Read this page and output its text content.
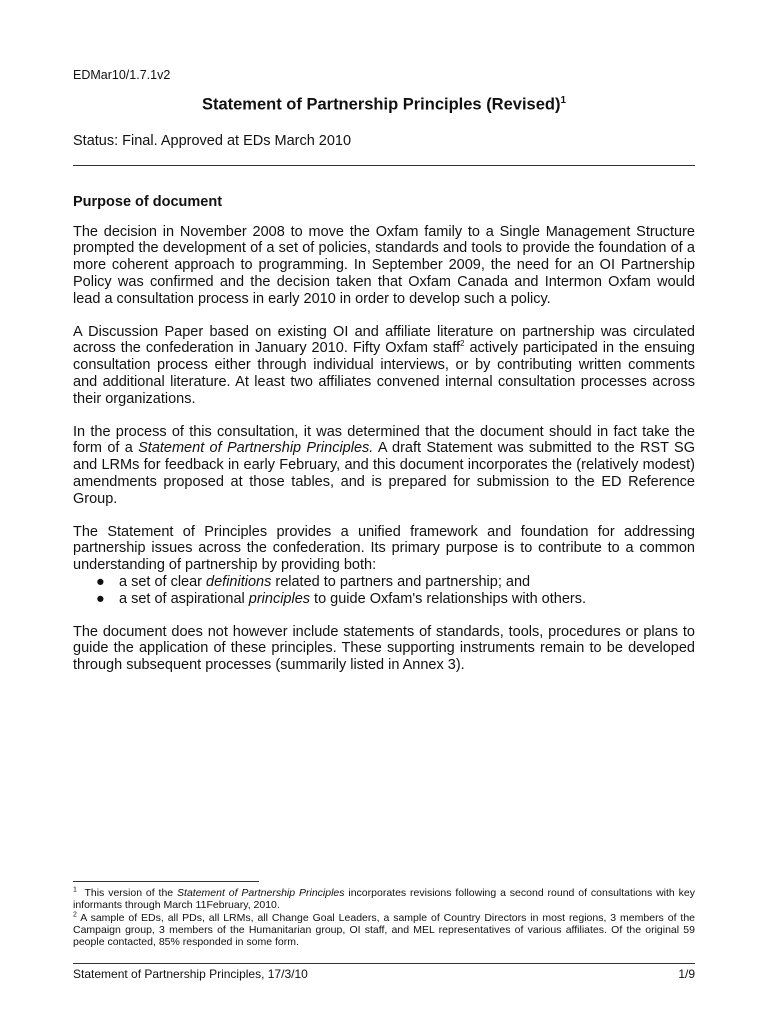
EDMar10/1.7.1v2
Statement of Partnership Principles (Revised)$^1$
Status: Final. Approved at EDs March 2010

Purpose of document

The decision in November 2008 to move the Oxfam family to a Single Management Structure prompted the development of a set of policies, standards and tools to provide the foundation of a more coherent approach to programming. In September 2009, the need for an OI Partnership Policy was confirmed and the decision taken that Oxfam Canada and Intermon Oxfam would lead a consultation process in early 2010 in order to develop such a policy.

A Discussion Paper based on existing OI and affiliate literature on partnership was circulated across the confederation in January 2010. Fifty Oxfam staff$^2$ actively participated in the ensuing consultation process either through individual interviews, or by contributing written comments and additional literature. At least two affiliates convened internal consultation processes across their organizations.

In the process of this consultation, it was determined that the document should in fact take the form of a Statement of Partnership Principles. A draft Statement was submitted to the RST SG and LRMs for feedback in early February, and this document incorporates the (relatively modest) amendments proposed at those tables, and is prepared for submission to the ED Reference Group.

The Statement of Principles provides a unified framework and foundation for addressing partnership issues across the confederation. Its primary purpose is to contribute to a common understanding of partnership by providing both:

● a set of clear definitions related to partners and partnership; and
● a set of aspirational principles to guide Oxfam's relationships with others.

The document does not however include statements of standards, tools, procedures or plans to guide the application of these principles. These supporting instruments remain to be developed through subsequent processes (summarily listed in Annex 3).

$^1$  This version of the Statement of Partnership Principles incorporates revisions following a second round of consultations with key informants through March 11February, 2010.

$^2$ A sample of EDs, all PDs, all LRMs, all Change Goal Leaders, a sample of Country Directors in most regions, 3 members of the Campaign group, 3 members of the Humanitarian group, OI staff, and MEL representatives of various affiliates. Of the original 59 people contacted, 85% responded in some form.

Statement of Partnership Principles, 17/3/10	1/9
